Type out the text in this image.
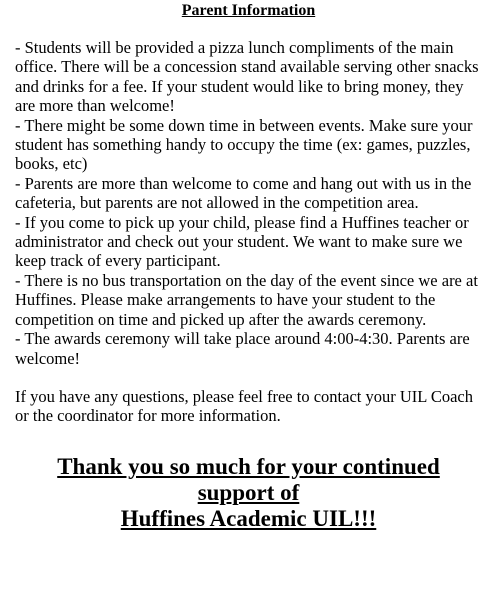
Parent Information
- Students will be provided a pizza lunch compliments of the main office. There will be a concession stand available serving other snacks and drinks for a fee. If your student would like to bring money, they are more than welcome!
- There might be some down time in between events. Make sure your student has something handy to occupy the time (ex: games, puzzles, books, etc)
- Parents are more than welcome to come and hang out with us in the cafeteria, but parents are not allowed in the competition area.
- If you come to pick up your child, please find a Huffines teacher or administrator and check out your student. We want to make sure we keep track of every participant.
- There is no bus transportation on the day of the event since we are at Huffines. Please make arrangements to have your student to the competition on time and picked up after the awards ceremony.
- The awards ceremony will take place around 4:00-4:30. Parents are welcome!

If you have any questions, please feel free to contact your UIL Coach or the coordinator for more information.

Thank you so much for your continued
support of
Huffines Academic UIL!!!
